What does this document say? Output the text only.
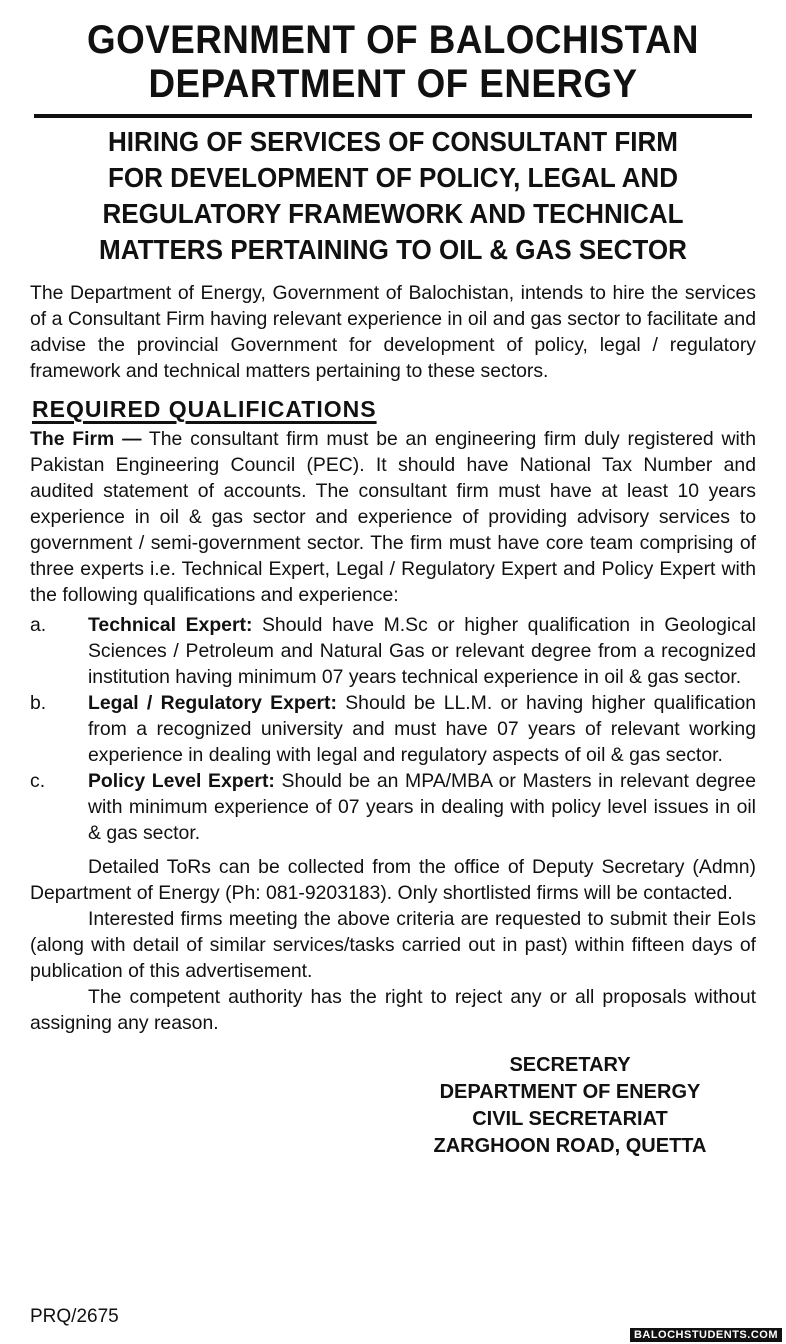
GOVERNMENT OF BALOCHISTAN
DEPARTMENT OF ENERGY
HIRING OF SERVICES OF CONSULTANT FIRM
FOR DEVELOPMENT OF POLICY, LEGAL AND
REGULATORY FRAMEWORK AND TECHNICAL
MATTERS PERTAINING TO OIL & GAS SECTOR

The Department of Energy, Government of Balochistan, intends to hire the services of a Consultant Firm having relevant experience in oil and gas sector to facilitate and advise the provincial Government for development of policy, legal / regulatory framework and technical matters pertaining to these sectors.

REQUIRED QUALIFICATIONS

The Firm — The consultant firm must be an engineering firm duly registered with Pakistan Engineering Council (PEC). It should have National Tax Number and audited statement of accounts. The consultant firm must have at least 10 years experience in oil & gas sector and experience of providing advisory services to government / semi-government sector. The firm must have core team comprising of three experts i.e. Technical Expert, Legal / Regulatory Expert and Policy Expert with the following qualifications and experience:

a.	Technical Expert: Should have M.Sc or higher qualification in Geological Sciences / Petroleum and Natural Gas or relevant degree from a recognized institution having minimum 07 years technical experience in oil & gas sector.
b.	Legal / Regulatory Expert: Should be LL.M. or having higher qualification from a recognized university and must have 07 years of relevant working experience in dealing with legal and regulatory aspects of oil & gas sector.
c.	Policy Level Expert: Should be an MPA/MBA or Masters in relevant degree with minimum experience of 07 years in dealing with policy level issues in oil & gas sector.

Detailed ToRs can be collected from the office of Deputy Secretary (Admn) Department of Energy (Ph: 081-9203183). Only shortlisted firms will be contacted.

Interested firms meeting the above criteria are requested to submit their EoIs (along with detail of similar services/tasks carried out in past) within fifteen days of publication of this advertisement.

The competent authority has the right to reject any or all proposals without assigning any reason.

SECRETARY
DEPARTMENT OF ENERGY
CIVIL SECRETARIAT
ZARGHOON ROAD, QUETTA
PRQ/2675
BALOCHSTUDENTS.COM
